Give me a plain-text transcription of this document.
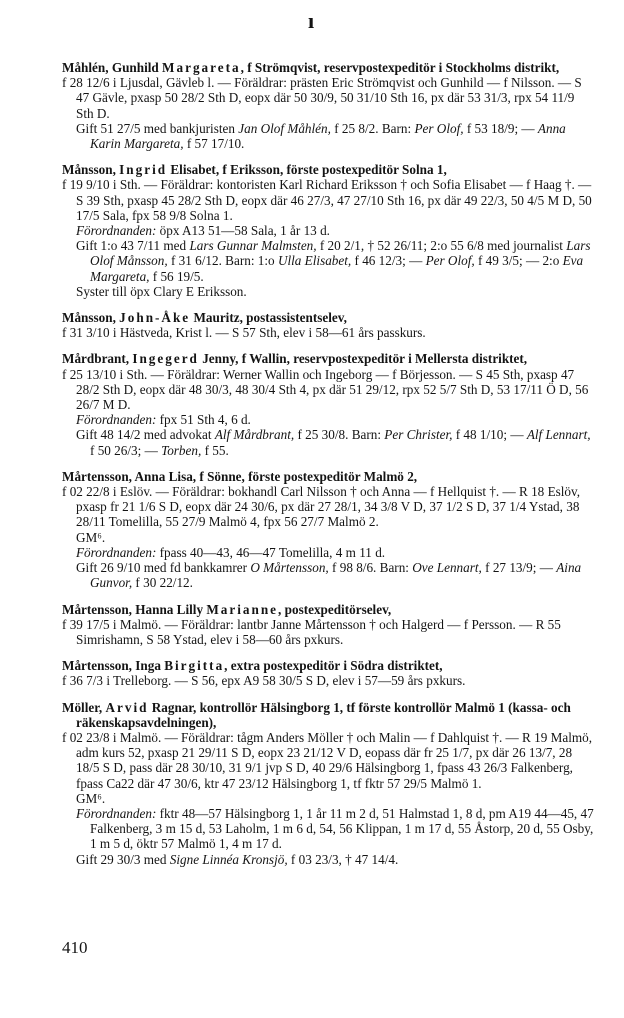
ı
Måhlén, Gunhild Margareta, f Strömqvist, reservpostexpeditör i Stockholms distrikt,
f 28 12/6 i Ljusdal, Gävleb l. — Föräldrar: prästen Eric Strömqvist och Gunhild — f Nilsson. — S 47 Gävle, pxasp 50 28/2 Sth D, eopx där 50 30/9, 50 31/10 Sth 16, px där 53 31/3, rpx 54 11/9 Sth D.
Gift 51 27/5 med bankjuristen Jan Olof Måhlén, f 25 8/2. Barn: Per Olof, f 53 18/9; — Anna Karin Margareta, f 57 17/10.
Månsson, Ingrid Elisabet, f Eriksson, förste postexpeditör Solna 1,
f 19 9/10 i Sth. — Föräldrar: kontoristen Karl Richard Eriksson † och Sofia Elisabet — f Haag †. — S 39 Sth, pxasp 45 28/2 Sth D, eopx där 46 27/3, 47 27/10 Sth 16, px där 49 22/3, 50 4/5 M D, 50 17/5 Sala, fpx 58 9/8 Solna 1.
Förordnanden: öpx A13 51—58 Sala, 1 år 13 d.
Gift 1:o 43 7/11 med Lars Gunnar Malmsten, f 20 2/1, † 52 26/11; 2:o 55 6/8 med journalist Lars Olof Månsson, f 31 6/12. Barn: 1:o Ulla Elisabet, f 46 12/3; — Per Olof, f 49 3/5; — 2:o Eva Margareta, f 56 19/5.
Syster till öpx Clary E Eriksson.
Månsson, John-Åke Mauritz, postassistentselev,
f 31 3/10 i Hästveda, Krist l. — S 57 Sth, elev i 58—61 års passkurs.
Mårdbrant, Ingegerd Jenny, f Wallin, reservpostexpeditör i Mellersta distriktet,
f 25 13/10 i Sth. — Föräldrar: Werner Wallin och Ingeborg — f Börjesson. — S 45 Sth, pxasp 47 28/2 Sth D, eopx där 48 30/3, 48 30/4 Sth 4, px där 51 29/12, rpx 52 5/7 Sth D, 53 17/11 Ö D, 56 26/7 M D.
Förordnanden: fpx 51 Sth 4, 6 d.
Gift 48 14/2 med advokat Alf Mårdbrant, f 25 30/8. Barn: Per Christer, f 48 1/10; — Alf Lennart, f 50 26/3; — Torben, f 55.
Mårtensson, Anna Lisa, f Sönne, förste postexpeditör Malmö 2,
f 02 22/8 i Eslöv. — Föräldrar: bokhandl Carl Nilsson † och Anna — f Hellquist †. — R 18 Eslöv, pxasp fr 21 1/6 S D, eopx där 24 30/6, px där 27 28/1, 34 3/8 V D, 37 1/2 S D, 37 1/4 Ystad, 38 28/11 Tomelilla, 55 27/9 Malmö 4, fpx 56 27/7 Malmö 2.
GM⁶.
Förordnanden: fpass 40—43, 46—47 Tomelilla, 4 m 11 d.
Gift 26 9/10 med fd bankkamrer O Mårtensson, f 98 8/6. Barn: Ove Lennart, f 27 13/9; — Aina Gunvor, f 30 22/12.
Mårtensson, Hanna Lilly Marianne, postexpeditörselev,
f 39 17/5 i Malmö. — Föräldrar: lantbr Janne Mårtensson † och Halgerd — f Persson. — R 55 Simrishamn, S 58 Ystad, elev i 58—60 års pxkurs.
Mårtensson, Inga Birgitta, extra postexpeditör i Södra distriktet,
f 36 7/3 i Trelleborg. — S 56, epx A9 58 30/5 S D, elev i 57—59 års pxkurs.
Möller, Arvid Ragnar, kontrollör Hälsingborg 1, tf förste kontrollör Malmö 1 (kassa- och räkenskapsavdelningen),
f 02 23/8 i Malmö. — Föräldrar: tågm Anders Möller † och Malin — f Dahlquist †. — R 19 Malmö, adm kurs 52, pxasp 21 29/11 S D, eopx 23 21/12 V D, eopass där fr 25 1/7, px där 26 13/7, 28 18/5 S D, pass där 28 30/10, 31 9/1 jvp S D, 40 29/6 Hälsingborg 1, fpass 43 26/3 Falkenberg, fpass Ca22 där 47 30/6, ktr 47 23/12 Hälsingborg 1, tf fktr 57 29/5 Malmö 1.
GM⁶.
Förordnanden: fktr 48—57 Hälsingborg 1, 1 år 11 m 2 d, 51 Halmstad 1, 8 d, pm A19 44—45, 47 Falkenberg, 3 m 15 d, 53 Laholm, 1 m 6 d, 54, 56 Klippan, 1 m 17 d, 55 Åstorp, 20 d, 55 Osby, 1 m 5 d, öktr 57 Malmö 1, 4 m 17 d.
Gift 29 30/3 med Signe Linnéa Kronsjö, f 03 23/3, † 47 14/4.
410
